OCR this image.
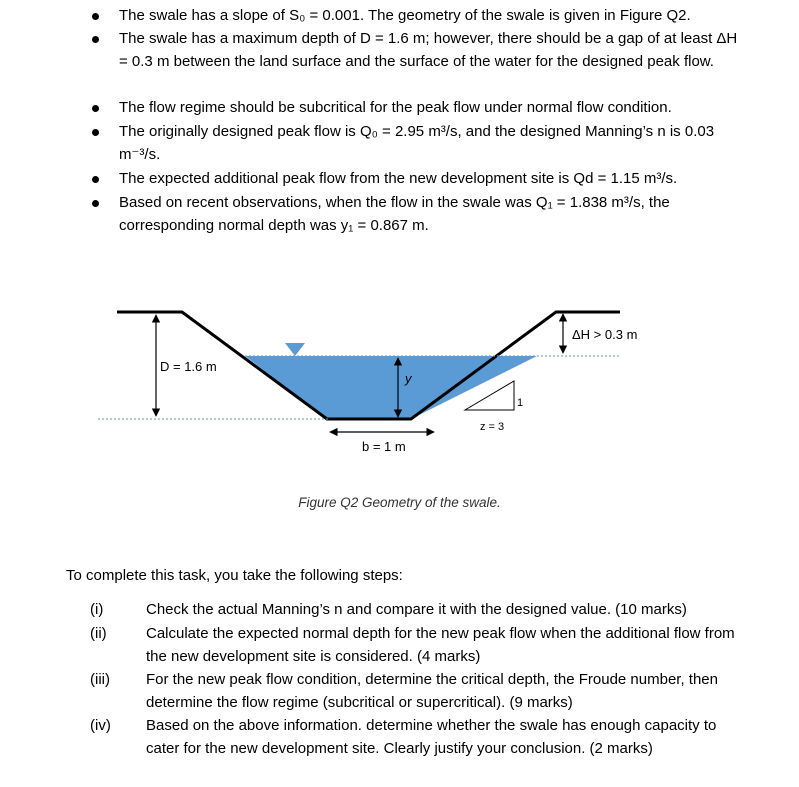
The swale has a slope of S₀ = 0.001. The geometry of the swale is given in Figure Q2.
The swale has a maximum depth of D = 1.6 m; however, there should be a gap of at least ΔH = 0.3 m between the land surface and the surface of the water for the designed peak flow.
The flow regime should be subcritical for the peak flow under normal flow condition.
The originally designed peak flow is Q₀ = 2.95 m³/s, and the designed Manning’s n is 0.03 m⁻³/s.
The expected additional peak flow from the new development site is Qd = 1.15 m³/s.
Based on recent observations, when the flow in the swale was Q₁ = 1.838 m³/s, the corresponding normal depth was y₁ = 0.867 m.
D = 1.6 m
y
b = 1 m
1
z = 3
ΔH > 0.3 m
Figure Q2 Geometry of the swale.
To complete this task, you take the following steps:
(i)	Check the actual Manning’s n and compare it with the designed value. (10 marks)
(ii)	Calculate the expected normal depth for the new peak flow when the additional flow from the new development site is considered. (4 marks)
(iii)	For the new peak flow condition, determine the critical depth, the Froude number, then determine the flow regime (subcritical or supercritical). (9 marks)
(iv)	Based on the above information. determine whether the swale has enough capacity to cater for the new development site. Clearly justify your conclusion. (2 marks)
